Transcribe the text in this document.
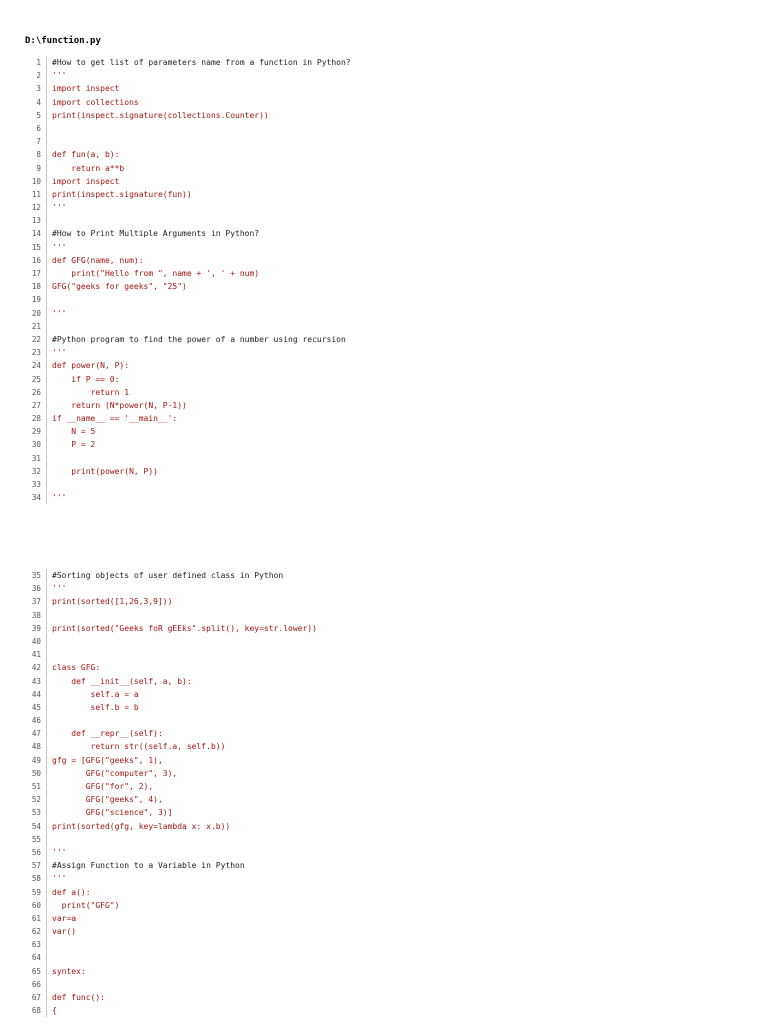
D:\function.py
1 #How to get list of parameters name from a function in Python?
2 '''
3 import inspect
4 import collections
5 print(inspect.signature(collections.Counter))
6
7
8 def fun(a, b):
9 return a**b
10 import inspect
11 print(inspect.signature(fun))
12 '''
13
14 #How to Print Multiple Arguments in Python?
15 '''
16 def GFG(name, num):
17 print("Hello from ", name + ', ' + num)
18 GFG("geeks for geeks", "25")
19
20 '''
21
22 #Python program to find the power of a number using recursion
23 '''
24 def power(N, P):
25 if P == 0:
26 return 1
27 return (N*power(N, P-1))
28 if __name__ == '__main__':
29 N = 5
30 P = 2
31
32 print(power(N, P))
33
34 '''
35 #Sorting objects of user defined class in Python
36 '''
37 print(sorted([1,26,3,9]))
38
39 print(sorted("Geeks foR gEEks".split(), key=str.lower))
40
41
42 class GFG:
43 def __init__(self, a, b):
44 self.a = a
45 self.b = b
46
47 def __repr__(self):
48 return str((self.a, self.b))
49 gfg = [GFG("geeks", 1),
50 GFG("computer", 3),
51 GFG("for", 2),
52 GFG("geeks", 4),
53 GFG("science", 3)]
54 print(sorted(gfg, key=lambda x: x.b))
55
56 '''
57 #Assign Function to a Variable in Python
58 '''
59 def a():
60 print("GFG")
61 var=a
62 var()
63
64
65 syntex:
66
67 def func():
68 {
